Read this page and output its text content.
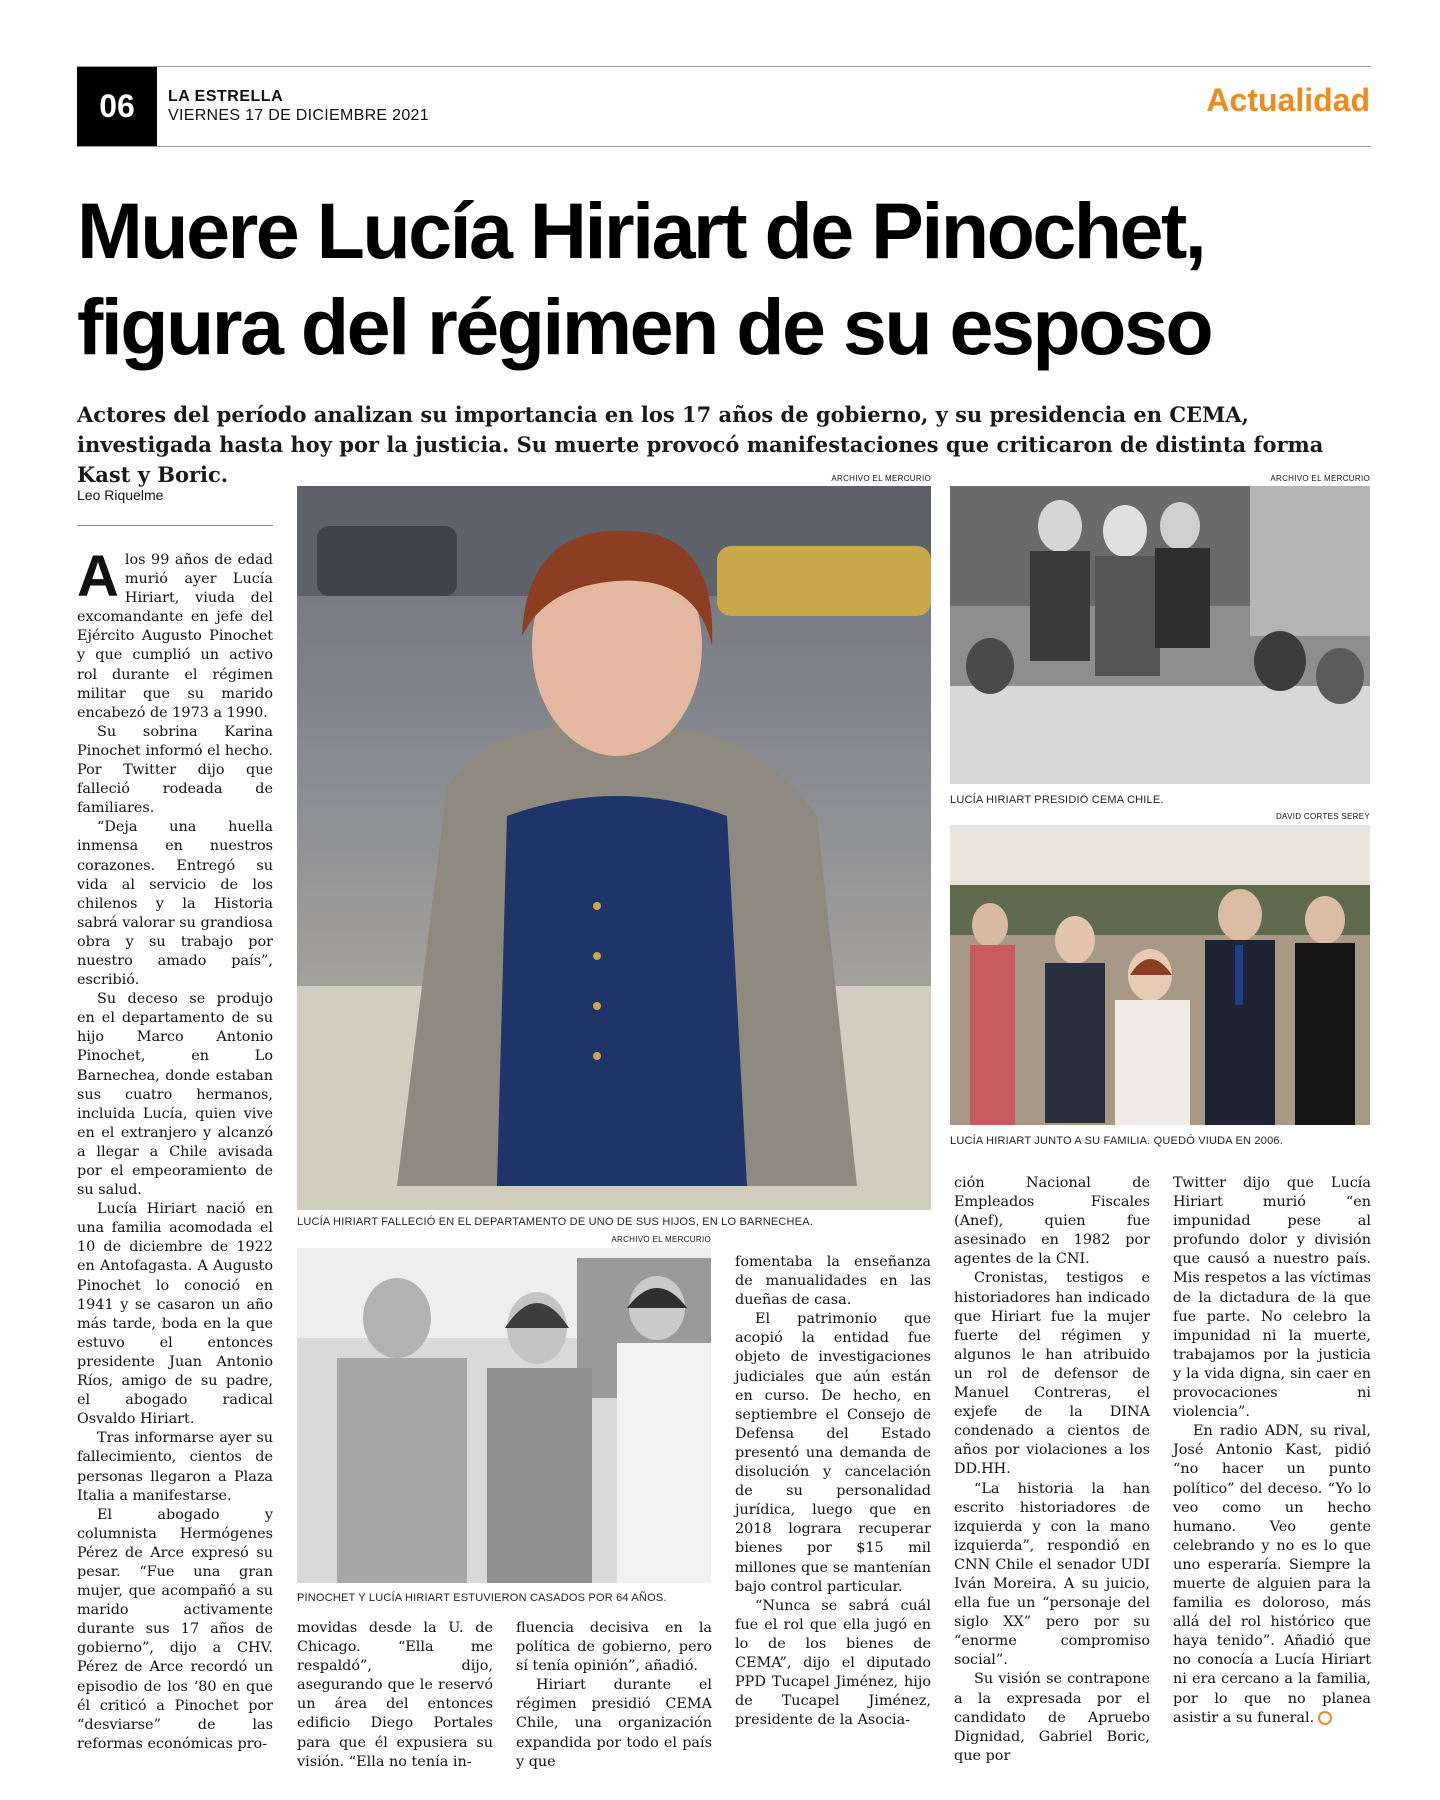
06	LA ESTRELLA
VIERNES 17 DE DICIEMBRE 2021	Actualidad
Muere Lucía Hiriart de Pinochet,
figura del régimen de su esposo

Actores del período analizan su importancia en los 17 años de gobierno, y su presidencia en CEMA, investigada hasta hoy por la justicia. Su muerte provocó manifestaciones que criticaron de distinta forma Kast y Boric.

Leo Riquelme
ARCHIVO EL MERCURIO
LUCÍA HIRIART FALLECIÓ EN EL DEPARTAMENTO DE UNO DE SUS HIJOS, EN LO BARNECHEA.
ARCHIVO EL MERCURIO
LUCÍA HIRIART PRESIDIÓ CEMA CHILE.
DAVID CORTES SEREY
LUCÍA HIRIART JUNTO A SU FAMILIA. QUEDÓ VIUDA EN 2006.
ARCHIVO EL MERCURIO
PINOCHET Y LUCÍA HIRIART ESTUVIERON CASADOS POR 64 AÑOS.

Alos 99 años de edad murió ayer Lucía Hiriart, viuda del excomandante en jefe del Ejército Augusto Pinochet y que cumplió un activo rol durante el régimen militar que su marido encabezó de 1973 a 1990.

Su sobrina Karina Pinochet informó el hecho. Por Twitter dijo que falleció rodeada de familiares.

“Deja una huella inmensa en nuestros corazones. Entregó su vida al servicio de los chilenos y la Historia sabrá valorar su grandiosa obra y su trabajo por nuestro amado país”, escribió.

Su deceso se produjo en el departamento de su hijo Marco Antonio Pinochet, en Lo Barnechea, donde estaban sus cuatro hermanos, incluida Lucía, quien vive en el extranjero y alcanzó a llegar a Chile avisada por el empeoramiento de su salud.

Lucía Hiriart nació en una familia acomodada el 10 de diciembre de 1922 en Antofagasta. A Augusto Pinochet lo conoció en 1941 y se casaron un año más tarde, boda en la que estuvo el entonces presidente Juan Antonio Ríos, amigo de su padre, el abogado radical Osvaldo Hiriart.

Tras informarse ayer su fallecimiento, cientos de personas llegaron a Plaza Italia a manifestarse.

El abogado y columnista Hermógenes Pérez de Arce expresó su pesar. “Fue una gran mujer, que acompañó a su marido activamente durante sus 17 años de gobierno”, dijo a CHV. Pérez de Arce recordó un episodio de los ‘80 en que él criticó a Pinochet por “desviarse” de las reformas económicas pro-

movidas desde la U. de Chicago. “Ella me respaldó”, dijo, asegurando que le reservó un área del entonces edificio Diego Portales para que él expusiera su visión. “Ella no tenía in-

fluencia decisiva en la política de gobierno, pero sí tenía opinión”, añadió.

Hiriart durante el régimen presidió CEMA Chile, una organización expandida por todo el país y que

fomentaba la enseñanza de manualidades en las dueñas de casa.

El patrimonio que acopió la entidad fue objeto de investigaciones judiciales que aún están en curso. De hecho, en septiembre el Consejo de Defensa del Estado presentó una demanda de disolución y cancelación de su personalidad jurídica, luego que en 2018 lograra recuperar bienes por $15 mil millones que se mantenían bajo control particular.

“Nunca se sabrá cuál fue el rol que ella jugó en lo de los bienes de CEMA”, dijo el diputado PPD Tucapel Jiménez, hijo de Tucapel Jiménez, presidente de la Asocia-

ción Nacional de Empleados Fiscales (Anef), quien fue asesinado en 1982 por agentes de la CNI.

Cronistas, testigos e historiadores han indicado que Hiriart fue la mujer fuerte del régimen y algunos le han atribuido un rol de defensor de Manuel Contreras, el exjefe de la DINA condenado a cientos de años por violaciones a los DD.HH.

“La historia la han escrito historiadores de izquierda y con la mano izquierda”, respondió en CNN Chile el senador UDI Iván Moreira. A su juicio, ella fue un “personaje del siglo XX” pero por su “enorme compromiso social”.

Su visión se contrapone a la expresada por el candidato de Apruebo Dignidad, Gabriel Boric, que por

Twitter dijo que Lucía Hiriart murió “en impunidad pese al profundo dolor y división que causó a nuestro país. Mis respetos a las víctimas de la dictadura de la que fue parte. No celebro la impunidad ni la muerte, trabajamos por la justicia y la vida digna, sin caer en provocaciones ni violencia”.

En radio ADN, su rival, José Antonio Kast, pidió “no hacer un punto político” del deceso. “Yo lo veo como un hecho humano. Veo gente celebrando y no es lo que uno esperaría. Siempre la muerte de alguien para la familia es doloroso, más allá del rol histórico que haya tenido”. Añadió que no conocía a Lucía Hiriart ni era cercano a la familia, por lo que no planea asistir a su funeral.
